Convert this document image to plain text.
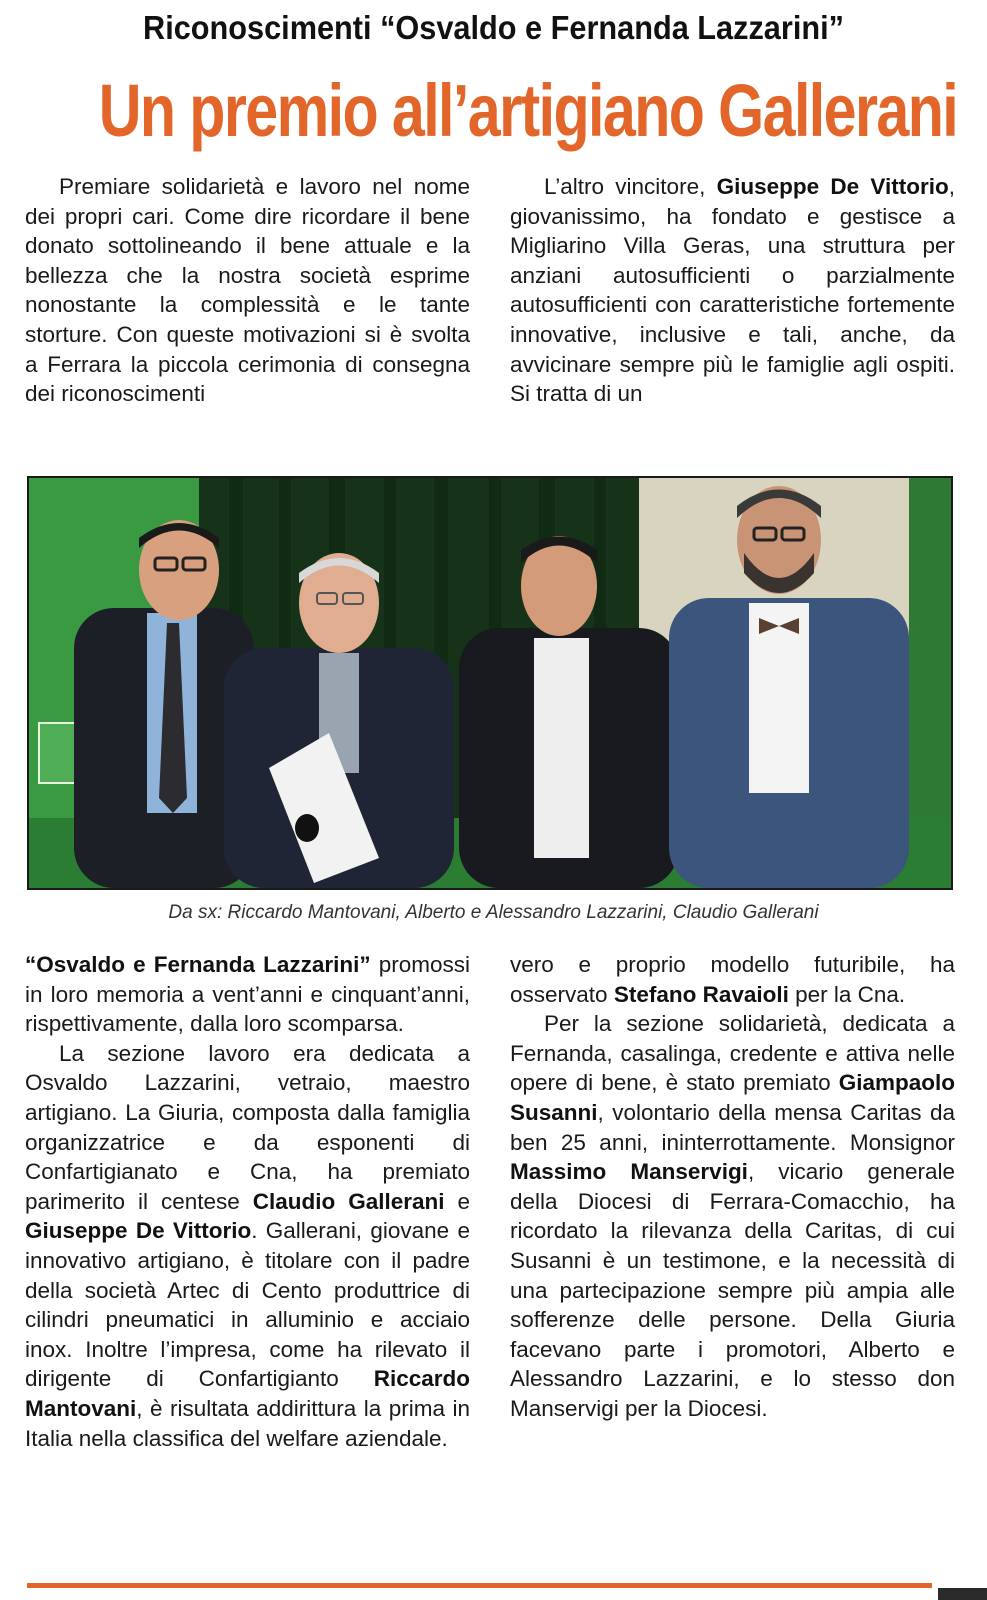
Riconoscimenti “Osvaldo e Fernanda Lazzarini”
Un premio all’artigiano Gallerani

Premiare solidarietà e lavoro nel nome dei propri cari. Come dire ricordare il bene donato sottolineando il bene attuale e la bellezza che la nostra società esprime nonostante la complessità e le tante storture. Con queste motivazioni si è svolta a Ferrara la piccola cerimonia di consegna dei riconoscimenti

L’altro vincitore, Giuseppe De Vittorio, giovanissimo, ha fondato e gestisce a Migliarino Villa Geras, una struttura per anziani autosufficienti o parzialmente autosufficienti con caratteristiche fortemente innovative, inclusive e tali, anche, da avvicinare sempre più le famiglie agli ospiti. Si tratta di un

Da sx: Riccardo Mantovani, Alberto e Alessandro Lazzarini, Claudio Gallerani

“Osvaldo e Fernanda Lazzarini” promossi in loro memoria a vent’anni e cinquant’anni, rispettivamente, dalla loro scomparsa.

La sezione lavoro era dedicata a Osvaldo Lazzarini, vetraio, maestro artigiano. La Giuria, composta dalla famiglia organizzatrice e da esponenti di Confartigianato e Cna, ha premiato parimerito il centese Claudio Gallerani e Giuseppe De Vittorio. Gallerani, giovane e innovativo artigiano, è titolare con il padre della società Artec di Cento produttrice di cilindri pneumatici in alluminio e acciaio inox. Inoltre l’impresa, come ha rilevato il dirigente di Confartigianto Riccardo Mantovani, è risultata addirittura la prima in Italia nella classifica del welfare aziendale.

vero e proprio modello futuribile, ha osservato Stefano Ravaioli per la Cna.

Per la sezione solidarietà, dedicata a Fernanda, casalinga, credente e attiva nelle opere di bene, è stato premiato Giampaolo Susanni, volontario della mensa Caritas da ben 25 anni, ininterrottamente. Monsignor Massimo Manservigi, vicario generale della Diocesi di Ferrara-Comacchio, ha ricordato la rilevanza della Caritas, di cui Susanni è un testimone, e la necessità di una partecipazione sempre più ampia alle sofferenze delle persone. Della Giuria facevano parte i promotori, Alberto e Alessandro Lazzarini, e lo stesso don Manservigi per la Diocesi.
